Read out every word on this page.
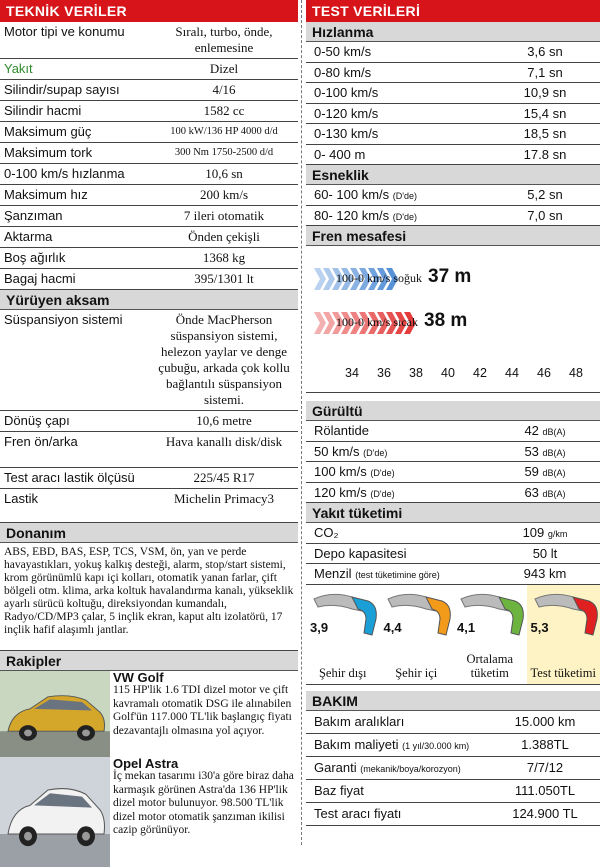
TEKNİK VERİLER
Motor tipi ve konumu	Sıralı, turbo, önde, enlemesine
Yakıt	Dizel
Silindir/supap sayısı	4/16
Silindir hacmi	1582 cc
Maksimum güç	100 kW/136 HP 4000 d/d
Maksimum tork	300 Nm 1750-2500 d/d
0-100 km/s hızlanma	10,6 sn
Maksimum hız	200 km/s
Şanzıman	7 ileri otomatik
Aktarma	Önden çekişli
Boş ağırlık	1368 kg
Bagaj hacmi	395/1301 lt
Yürüyen aksam
Süspansiyon sistemi	Önde MacPherson süspansiyon sistemi, helezon yaylar ve denge çubuğu, arkada çok kollu bağlantılı süspansiyon sistemi.
Dönüş çapı	10,6 metre
Fren ön/arka	Hava kanallı disk/disk
Test aracı lastik ölçüsü	225/45 R17
Lastik	Michelin Primacy3
Donanım
ABS, EBD, BAS, ESP, TCS, VSM, ön, yan ve perde havayastıkları, yokuş kalkış desteği, alarm, stop/start sistemi, krom görünümlü kapı içi kolları, otomatik yanan farlar, çift bölgeli otm. klima, arka koltuk havalandırma kanalı, yükseklik ayarlı sürücü koltuğu, direksiyondan kumandalı, Radyo/CD/MP3 çalar, 5 inçlik ekran, kaput altı izolatörü, 17 inçlik hafif alaşımlı jantlar.
Rakipler
VW Golf
115 HP'lik 1.6 TDI dizel motor ve çift kavramalı otomatik DSG ile alınabilen Golf'ün 117.000 TL'lik başlangıç fiyatı dezavantajlı olmasına yol açıyor.
Opel Astra
İç mekan tasarımı i30'a göre biraz daha karmaşık görünen Astra'da 136 HP'lik dizel motor bulunuyor. 98.500 TL'lik dizel motor otomatik şanzıman ikilisi cazip görünüyor.
TEST VERİLERİ
Hızlanma
0-50 km/s	3,6 sn
0-80 km/s	7,1 sn
0-100 km/s	10,9 sn
0-120 km/s	15,4 sn
0-130 km/s	18,5 sn
0- 400 m	17.8 sn
Esneklik
60- 100 km/s (D'de)	5,2 sn
80- 120 km/s (D'de)	7,0 sn
Fren mesafesi
100-0 km/s soğuk 37 m
100-0 km/s sıcak 38 m
34 36 38 40 42 44 46 48
Gürültü
Rölantide	42 dB(A)
50 km/s (D'de)	53 dB(A)
100 km/s (D'de)	59 dB(A)
120 km/s (D'de)	63 dB(A)
Yakıt tüketimi
CO₂	109 g/km
Depo kapasitesi	50 lt
Menzil (test tüketimine göre)	943 km
3,9
Şehir dışı
4,4
Şehir içi
4,1
Ortalama tüketim
5,3
Test tüketimi
BAKIM
Bakım aralıkları	15.000 km
Bakım maliyeti (1 yıl/30.000 km)	1.388TL
Garanti (mekanik/boya/korozyon)	7/7/12
Baz fiyat	111.050TL
Test aracı fiyatı	124.900 TL
